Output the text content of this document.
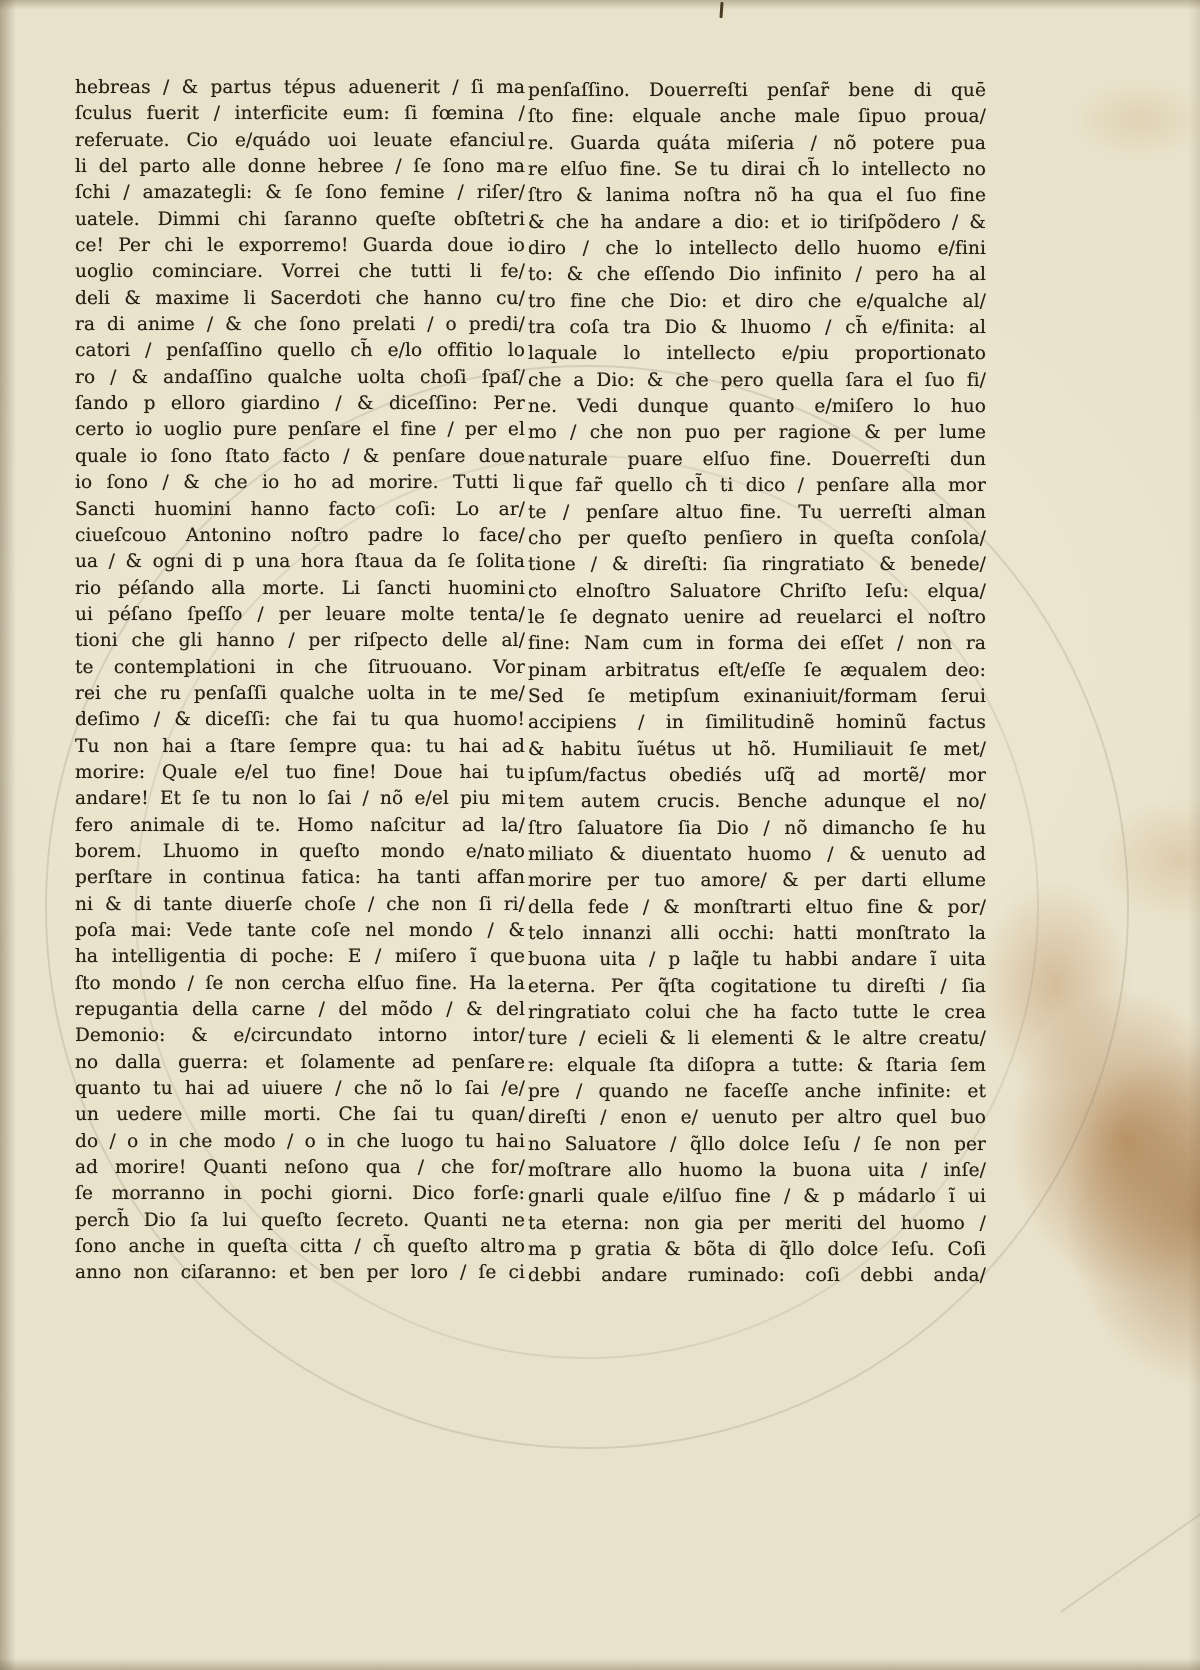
hebreas / & partus tépus aduenerit / ſi ma
ſculus fuerit / interficite eum: ſi fœmina /
referuate. Cio e/quádo uoi leuate efanciul
li del parto alle donne hebree / ſe ſono ma
ſchi / amazategli: & ſe ſono femine / riſer/
uatele. Dimmi chi ſaranno queſte obſtetri
ce! Per chi le exporremo! Guarda doue io
uoglio cominciare. Vorrei che tutti li fe/
deli & maxime li Sacerdoti che hanno cu/
ra di anime / & che ſono prelati / o predi/
catori / penſaſſino quello ch̃ e/lo offitio lo
ro / & andaſſino qualche uolta choſi ſpaſ/
ſando p elloro giardino / & diceſſino: Per
certo io uoglio pure penſare el fine / per el
quale io ſono ſtato facto / & penſare doue
io ſono / & che io ho ad morire. Tutti li
Sancti huomini hanno facto coſi: Lo ar/
ciueſcouo Antonino noſtro padre lo face/
ua / & ogni di p una hora ſtaua da ſe ſolita
rio péſando alla morte. Li ſancti huomini
ui péſano ſpeſſo / per leuare molte tenta/
tioni che gli hanno / per riſpecto delle al/
te contemplationi in che ſitruouano. Vor
rei che ru penſaſſi qualche uolta in te me/
deſimo / & diceſſi: che fai tu qua huomo!
Tu non hai a ſtare ſempre qua: tu hai ad
morire: Quale e/el tuo fine! Doue hai tu
andare! Et ſe tu non lo ſai / nõ e/el piu mi
fero animale di te. Homo naſcitur ad la/
borem. Lhuomo in queſto mondo e/nato
perſtare in continua fatica: ha tanti affan
ni & di tante diuerſe choſe / che non ſi ri/
poſa mai: Vede tante coſe nel mondo / &
ha intelligentia di poche: E / miſero ĩ que
ſto mondo / ſe non cercha elſuo fine. Ha la
repugantia della carne / del mõdo / & del
Demonio: & e/circundato intorno intor/
no dalla guerra: et ſolamente ad penſare
quanto tu hai ad uiuere / che nõ lo ſai /e/
un uedere mille morti. Che ſai tu quan/
do / o in che modo / o in che luogo tu hai
ad morire! Quanti neſono qua / che for/
ſe morranno in pochi giorni. Dico forſe:
perch̃ Dio ſa lui queſto ſecreto. Quanti ne
ſono anche in queſta citta / ch̃ queſto altro
anno non ciſaranno: et ben per loro / ſe ci
penſaſſino. Douerreſti penſar̃ bene di quē
ſto fine: elquale anche male ſipuo proua/
re. Guarda quáta miſeria / nõ potere pua
re elſuo fine. Se tu dirai ch̃ lo intellecto no
ſtro & lanima noſtra nõ ha qua el ſuo fine
& che ha andare a dio: et io tiriſpõdero / &
diro / che lo intellecto dello huomo e/fini
to: & che eſſendo Dio infinito / pero ha al
tro fine che Dio: et diro che e/qualche al/
tra coſa tra Dio & lhuomo / ch̃ e/finita: al
laquale lo intellecto e/piu proportionato
che a Dio: & che pero quella ſara el ſuo fi/
ne. Vedi dunque quanto e/miſero lo huo
mo / che non puo per ragione & per lume
naturale puare elſuo fine. Douerreſti dun
que far̃ quello ch̃ ti dico / penſare alla mor
te / penſare altuo fine. Tu uerreſti alman
cho per queſto penſiero in queſta conſola/
tione / & direſti: ſia ringratiato & benede/
cto elnoſtro Saluatore Chriſto Ieſu: elqua/
le ſe degnato uenire ad reuelarci el noſtro
fine: Nam cum in forma dei eſſet / non ra
pinam arbitratus eſt/eſſe ſe æqualem deo:
Sed ſe metipſum exinaniuit/formam ſerui
accipiens / in ſimilitudinẽ hominũ factus
& habitu ĩuétus ut hõ. Humiliauit ſe met/
ipſum/factus obediés uſq̃ ad mortẽ/ mor
tem autem crucis. Benche adunque el no/
ſtro ſaluatore ſia Dio / nõ dimancho ſe hu
miliato & diuentato huomo / & uenuto ad
morire per tuo amore/ & per darti ellume
della fede / & monſtrarti eltuo fine & por/
telo innanzi alli occhi: hatti monſtrato la
buona uita / p laq̃le tu habbi andare ĩ uita
eterna. Per q̃ſta cogitatione tu direſti / ſia
ringratiato colui che ha facto tutte le crea
ture / ecieli & li elementi & le altre creatu/
re: elquale ſta diſopra a tutte: & ſtaria ſem
pre / quando ne faceſſe anche infinite: et
direſti / enon e/ uenuto per altro quel buo
no Saluatore / q̃llo dolce Ieſu / ſe non per
moſtrare allo huomo la buona uita / inſe/
gnarli quale e/ilſuo fine / & p mádarlo ĩ ui
ta eterna: non gia per meriti del huomo /
ma p gratia & bõta di q̃llo dolce Ieſu. Coſi
debbi andare ruminado: coſi debbi anda/
